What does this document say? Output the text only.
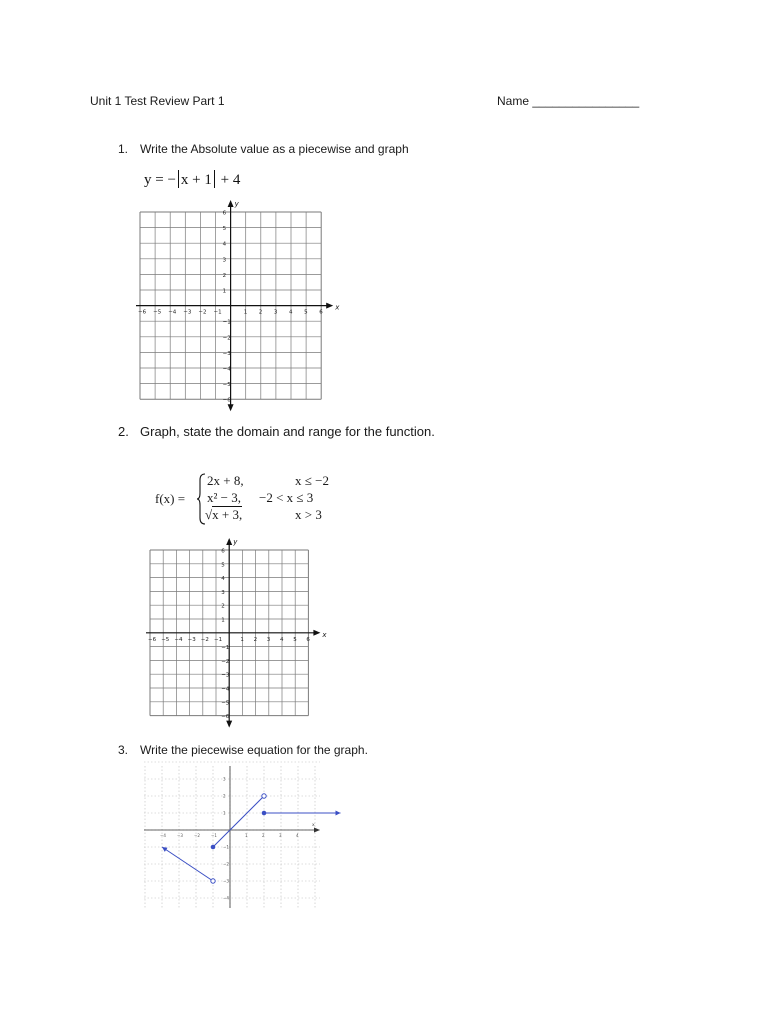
Unit 1 Test Review Part 1	Name ________________
1. Write the Absolute value as a piecewise and graph
y = − x + 1 + 4
x
y
−6 −5 −4 −3 −2 −1	1 2 3 4 5 6
6
5
4
3
2
1
−1
−2
−3
−4
−5
−6
2. Graph, state the domain and range for the function.
f(x) =
2x + 8,	x ≤ −2
x² − 3, −2 < x ≤ 3
√x + 3,	x > 3
x
y
−6 −5 −4 −3 −2 −1	1 2 3 4 5 6
6
5
4
3
2
1
−1
−2
−3
−4
−5
−6
3. Write the piecewise equation for the graph.
x
−4	−3	−2	−1	1	2	3	4
3
2
1
−1
−2
−3
−4
